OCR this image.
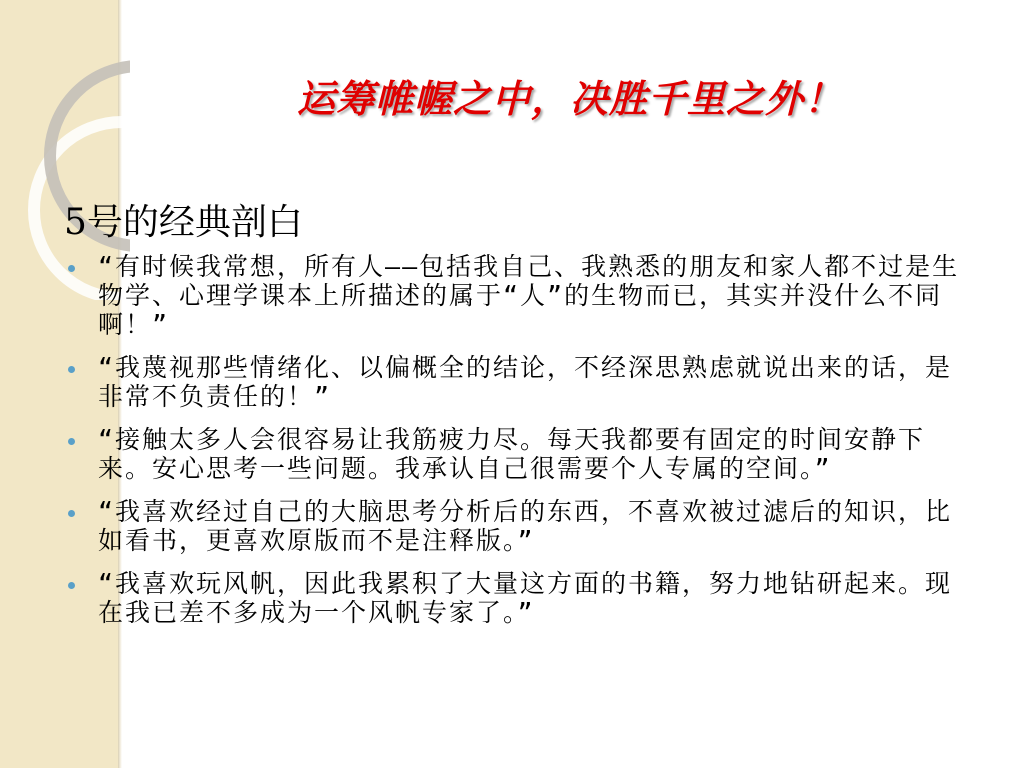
运筹帷幄之中，决胜千里之外！
5号的经典剖白
“有时候我常想，所有人——包括我自己、我熟悉的朋友和家人都不过是生物学、心理学课本上所描述的属于“人”的生物而已，其实并没什么不同啊！”
“我蔑视那些情绪化、以偏概全的结论，不经深思熟虑就说出来的话，是非常不负责任的！”
“接触太多人会很容易让我筋疲力尽。每天我都要有固定的时间安静下来。安心思考一些问题。我承认自己很需要个人专属的空间。”
“我喜欢经过自己的大脑思考分析后的东西，不喜欢被过滤后的知识，比如看书，更喜欢原版而不是注释版。”
“我喜欢玩风帆，因此我累积了大量这方面的书籍，努力地钻研起来。现在我已差不多成为一个风帆专家了。”
